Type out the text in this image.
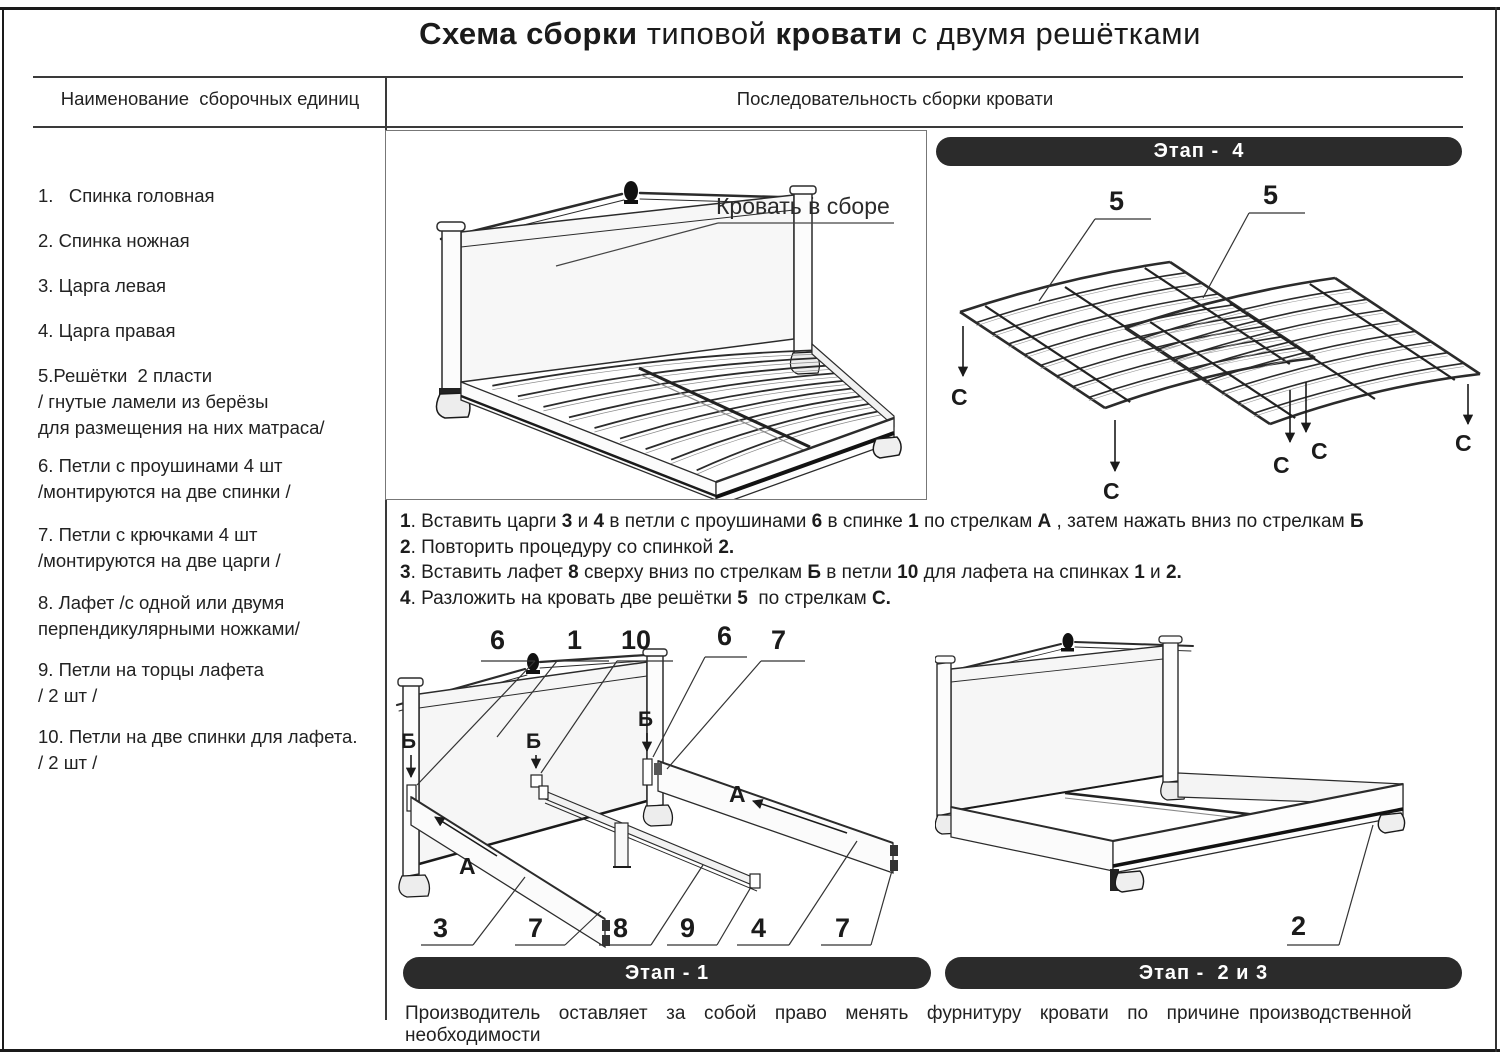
Схема сборки типовой кровати с двумя решётками
Наименование  сборочных единиц	Последовательность сборки кровати
1.   Спинка головная
2. Спинка ножная
3. Царга левая
4. Царга правая
5.Решётки  2 пласти
/ гнутые ламели из берёзы
для размещения на них матраса/
6. Петли с проушинами 4 шт
/монтируются на две спинки /
7. Петли с крючками 4 шт
/монтируются на две царги /
8. Лафет /с одной или двумя
перпендикулярными ножками/
9. Петли на торцы лафета
/ 2 шт /
10. Петли на две спинки для лафета.
/ 2 шт /
Кровать в сборе
Этап -  4
5	5
С
С
С
С	С
1. Вставить царги 3 и 4 в петли с проушинами 6 в спинке 1 по стрелкам А , затем нажать вниз по стрелкам Б
2. Повторить процедуру со спинкой 2.
3. Вставить лафет 8 сверху вниз по стрелкам Б в петли 10 для лафета на спинках 1 и 2.
4. Разложить на кровать две решётки 5  по стрелкам С.
6 1 10 6 7
3	7	8 9 4	7
Б	Б
Б
А
А
Этап - 1
2
Этап -  2 и 3
Производитель  оставляет  за  собой  право  менять  фурнитуру  кровати  по  причине производственной необходимости
